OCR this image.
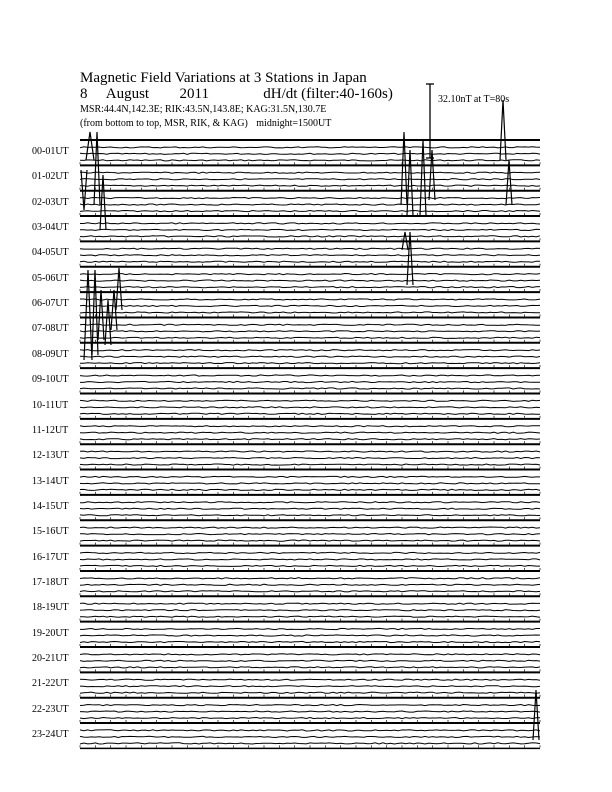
Magnetic Field Variations at 3 Stations in Japan
8 August 2011	dH/dt (filter:40-160s)
MSR:44.4N,142.3E; RIK:43.5N,143.8E; KAG:31.5N,130.7E
(from bottom to top, MSR, RIK, & KAG) midnight=1500UT
32.10nT at T=80s
00-01UT
01-02UT
02-03UT
03-04UT
04-05UT
05-06UT
06-07UT
07-08UT
08-09UT
09-10UT
10-11UT
11-12UT
12-13UT
13-14UT
14-15UT
15-16UT
16-17UT
17-18UT
18-19UT
19-20UT
20-21UT
21-22UT
22-23UT
23-24UT
